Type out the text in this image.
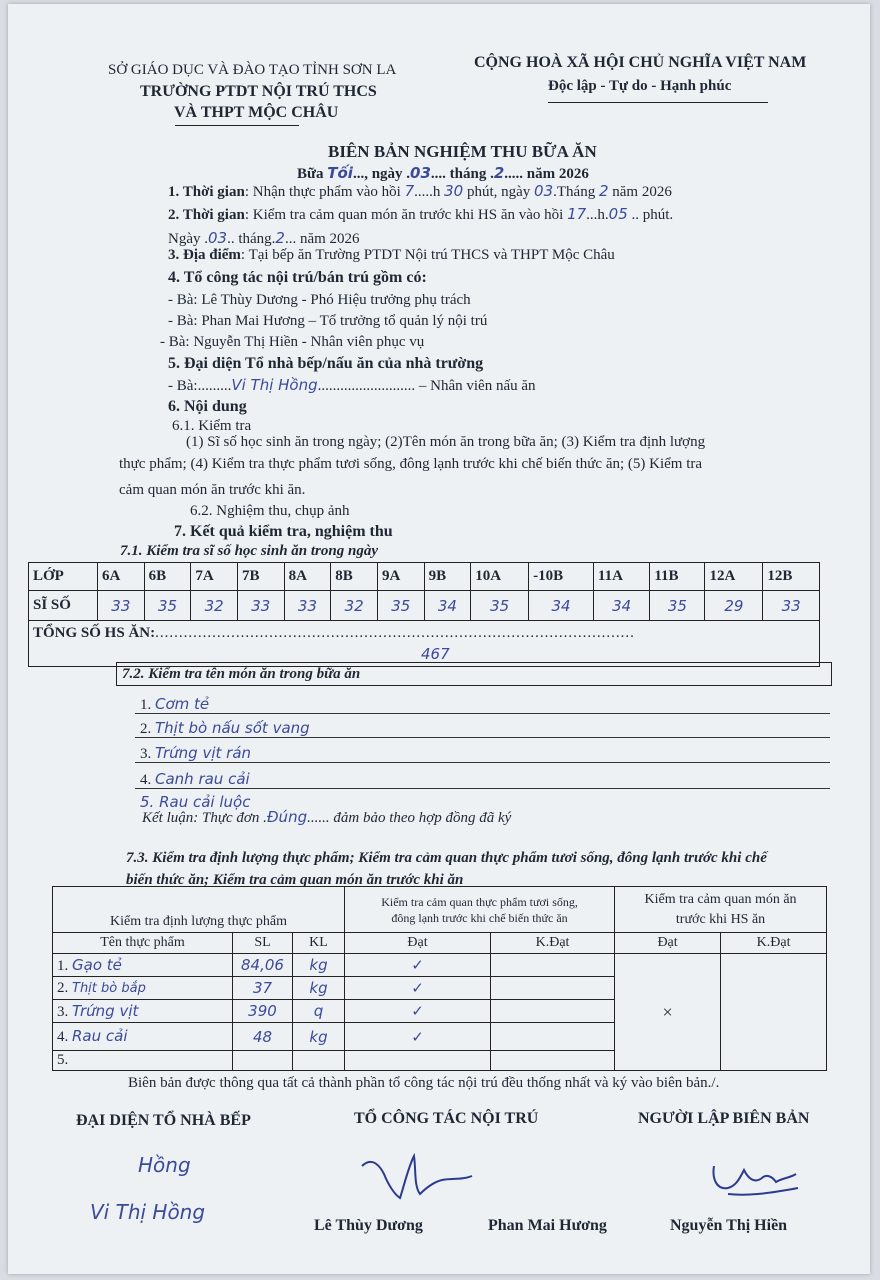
SỞ GIÁO DỤC VÀ ĐÀO TẠO TỈNH SƠN LA
TRƯỜNG PTDT NỘI TRÚ THCS
VÀ THPT MỘC CHÂU
CỘNG HOÀ XÃ HỘI CHỦ NGHĨA VIỆT NAM
Độc lập - Tự do - Hạnh phúc
BIÊN BẢN NGHIỆM THU BỮA ĂN
Bữa Tối..., ngày .03.... tháng .2..... năm 2026
1. Thời gian: Nhận thực phẩm vào hồi 7.....h 30 phút, ngày 03.Tháng 2 năm 2026
2. Thời gian: Kiểm tra cảm quan món ăn trước khi HS ăn vào hồi 17...h.05 .. phút.
Ngày .03.. tháng.2... năm 2026
3. Địa điểm: Tại bếp ăn Trường PTDT Nội trú THCS và THPT Mộc Châu
4. Tổ công tác nội trú/bán trú gồm có:
- Bà: Lê Thùy Dương - Phó Hiệu trưởng phụ trách
- Bà: Phan Mai Hương – Tổ trưởng tổ quản lý nội trú
- Bà: Nguyễn Thị Hiền - Nhân viên phục vụ
5. Đại diện Tổ nhà bếp/nấu ăn của nhà trường
- Bà:.........Vi Thị Hồng.......................... – Nhân viên nấu ăn
6. Nội dung
6.1. Kiểm tra
(1) Sĩ số học sinh ăn trong ngày; (2)Tên món ăn trong bữa ăn; (3) Kiểm tra định lượng
thực phẩm; (4) Kiểm tra thực phẩm tươi sống, đông lạnh trước khi chế biến thức ăn; (5) Kiểm tra
cảm quan món ăn trước khi ăn.
6.2. Nghiệm thu, chụp ảnh
7. Kết quả kiểm tra, nghiệm thu
7.1. Kiểm tra sĩ số học sinh ăn trong ngày
LỚP	6A	6B	7A	7B	8A	8B	9A	9B	10A	-10B	11A	11B	12A	12B
SĨ SỐ	33	35	32	33	33	32	35	34	35	34	34	35	29	33
TỔNG SỐ HS ĂN:.....................................................................................................
467														
7.2. Kiểm tra tên món ăn trong bữa ăn
1. Cơm tẻ
2. Thịt bò nấu sốt vang
3. Trứng vịt rán
4. Canh rau cải
5. Rau cải luộc
Kết luận: Thực đơn .Đúng...... đảm bảo theo hợp đồng đã ký
7.3. Kiểm tra định lượng thực phẩm; Kiểm tra cảm quan thực phẩm tươi sống, đông lạnh trước khi chế
biến thức ăn; Kiểm tra cảm quan món ăn trước khi ăn
Kiểm tra định lượng thực phẩm			Kiểm tra cảm quan thực phẩm tươi sống,
đông lạnh trước khi chế biến thức ăn		Kiểm tra cảm quan món ăn
trước khi HS ăn	
Tên thực phẩm	SL	KL	Đạt	K.Đạt	Đạt	K.Đạt
1. Gạo tẻ	84,06	kg	✓		×	
2. Thịt bò bắp	37	kg	✓			
3. Trứng vịt	390	q	✓			
4. Rau cải	48	kg	✓			
5.						
Biên bản được thông qua tất cả thành phần tổ công tác nội trú đều thống nhất và ký vào biên bản./.
ĐẠI DIỆN TỔ NHÀ BẾP	TỔ CÔNG TÁC NỘI TRÚ	NGƯỜI LẬP BIÊN BẢN
Hồng
Vi Thị Hồng
Lê Thùy Dương	Phan Mai Hương	Nguyễn Thị Hiền
